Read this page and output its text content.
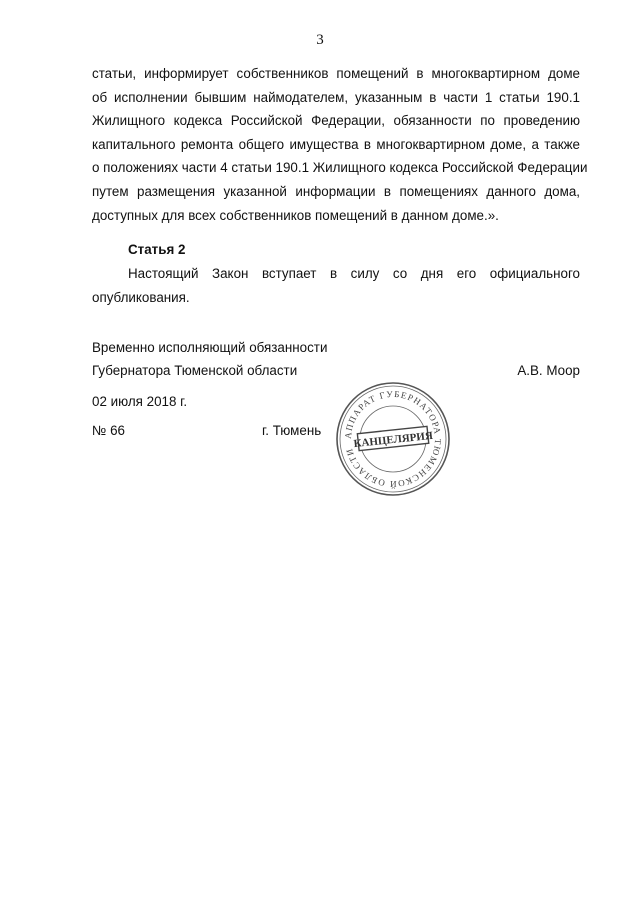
3
статьи, информирует собственников помещений в многоквартирном доме
об исполнении бывшим наймодателем, указанным в части 1 статьи 190.1
Жилищного кодекса Российской Федерации, обязанности по проведению
капитального ремонта общего имущества в многоквартирном доме, а также
о положениях части 4 статьи 190.1 Жилищного кодекса Российской Федерации
путем размещения указанной информации в помещениях данного дома,
доступных для всех собственников помещений в данном доме.».
Статья 2
Настоящий Закон вступает в силу со дня его официального
опубликования.
Временно исполняющий обязанности
Губернатора Тюменской области	А.В. Моор
02 июля 2018 г.
№ 66	г. Тюмень АППАРАТ ГУБЕРНАТОРА ТЮМЕНСКОЙ ОБЛАСТИ
КАНЦЕЛЯРИЯ
